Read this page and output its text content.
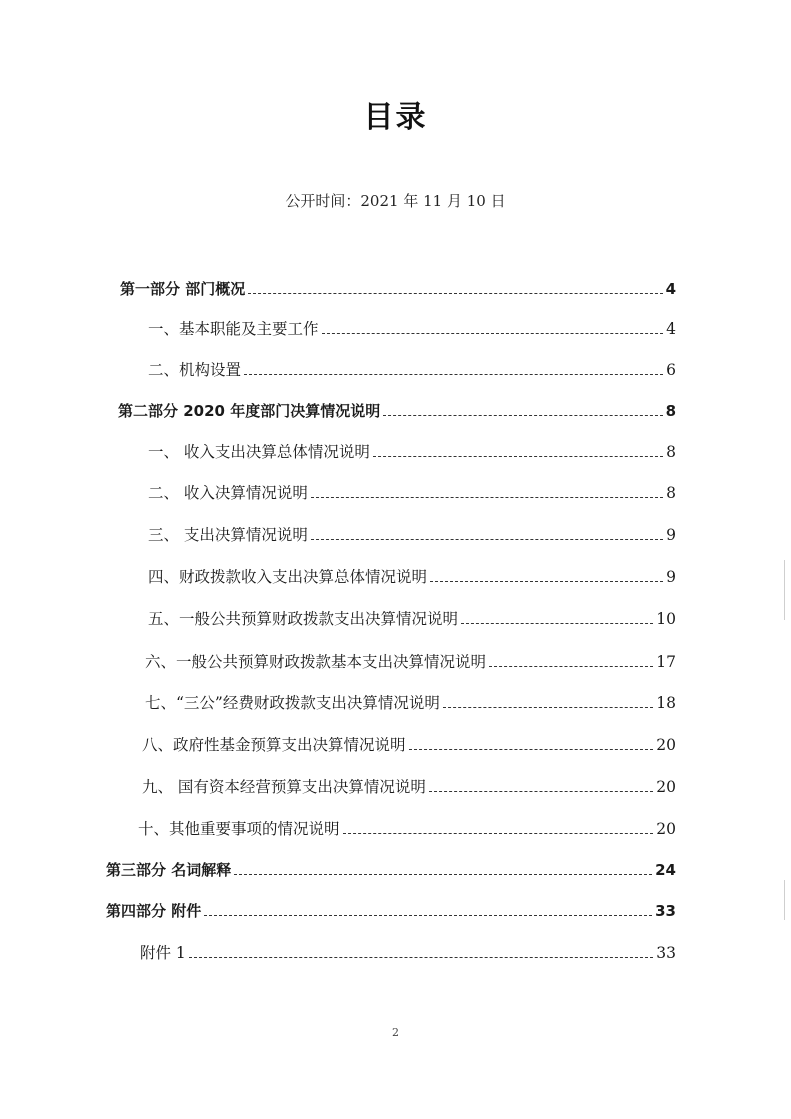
目录
公开时间：2021 年 11 月 10 日
第一部分 部门概况	4
一、基本职能及主要工作	4
二、机构设置	6
第二部分 2020 年度部门决算情况说明	8
一、 收入支出决算总体情况说明	8
二、 收入决算情况说明	8
三、 支出决算情况说明	9
四、财政拨款收入支出决算总体情况说明	9
五、一般公共预算财政拨款支出决算情况说明	10
六、一般公共预算财政拨款基本支出决算情况说明	17
七、“三公”经费财政拨款支出决算情况说明	18
八、政府性基金预算支出决算情况说明	20
九、 国有资本经营预算支出决算情况说明	20
十、其他重要事项的情况说明	20
第三部分 名词解释	24
第四部分 附件	33
附件 1	33
2
